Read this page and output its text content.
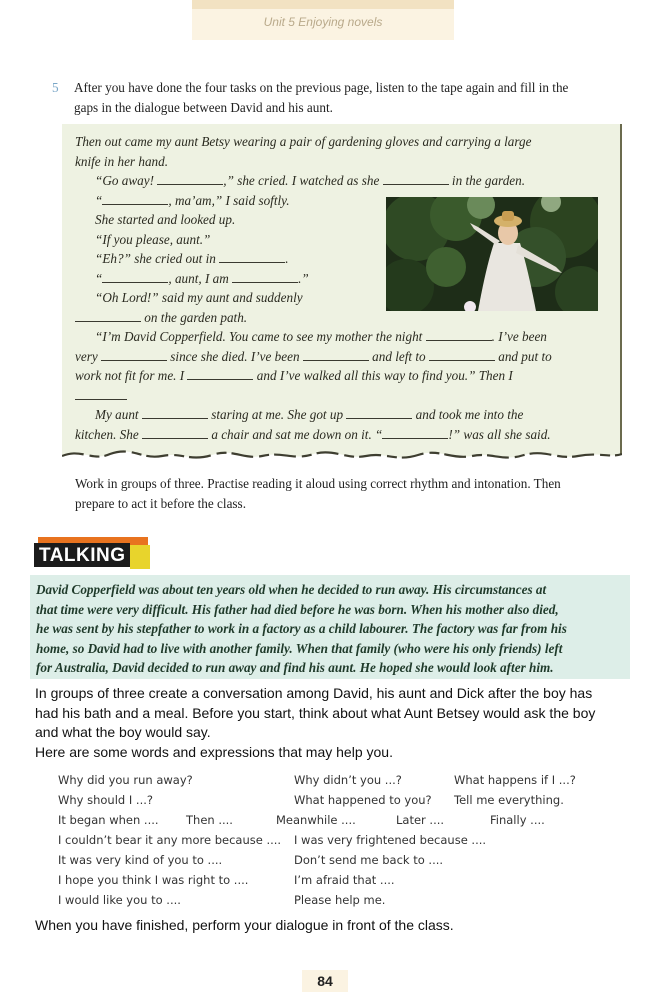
Unit 5 Enjoying novels
5 After you have done the four tasks on the previous page, listen to the tape again and fill in the
gaps in the dialogue between David and his aunt.
Then out came my aunt Betsy wearing a pair of gardening gloves and carrying a large
knife in her hand.
“Go away!	,” she cried. I watched as she	in the garden.
“	, ma’am,” I said softly.
She started and looked up.
“If you please, aunt.”
“Eh?” she cried out in	.
“	, aunt, I am	.”
“Oh Lord!” said my aunt and suddenly
on the garden path.
“I’m David Copperfield. You came to see my mother the night	. I’ve been
very	since she died. I’ve been	and left to	and put to
work not fit for me. I	and I’ve walked all this way to find you.” Then I
My aunt	staring at me. She got up	and took me into the
kitchen. She	a chair and sat me down on it. “	!” was all she said.
Work in groups of three. Practise reading it aloud using correct rhythm and intonation. Then
prepare to act it before the class.
TALKING
David Copperfield was about ten years old when he decided to run away. His circumstances at
that time were very difficult. His father had died before he was born. When his mother also died,
he was sent by his stepfather to work in a factory as a child labourer. The factory was far from his
home, so David had to live with another family. When that family (who were his only friends) left
for Australia, David decided to run away and find his aunt. He hoped she would look after him.
In groups of three create a conversation among David, his aunt and Dick after the boy has
had his bath and a meal. Before you start, think about what Aunt Betsey would ask the boy
and what the boy would say.
Here are some words and expressions that may help you.
Why did you run away?	Why didn’t you ...?	What happens if I ...?
Why should I ...?	What happened to you? Tell me everything.
It began when .... Then ....	Meanwhile ....	Later ....	Finally ....
I couldn’t bear it any more because .... I was very frightened because ....
It was very kind of you to ....	Don’t send me back to ....
I hope you think I was right to ....	I’m afraid that ....
I would like you to ....	Please help me.
When you have finished, perform your dialogue in front of the class.
84
